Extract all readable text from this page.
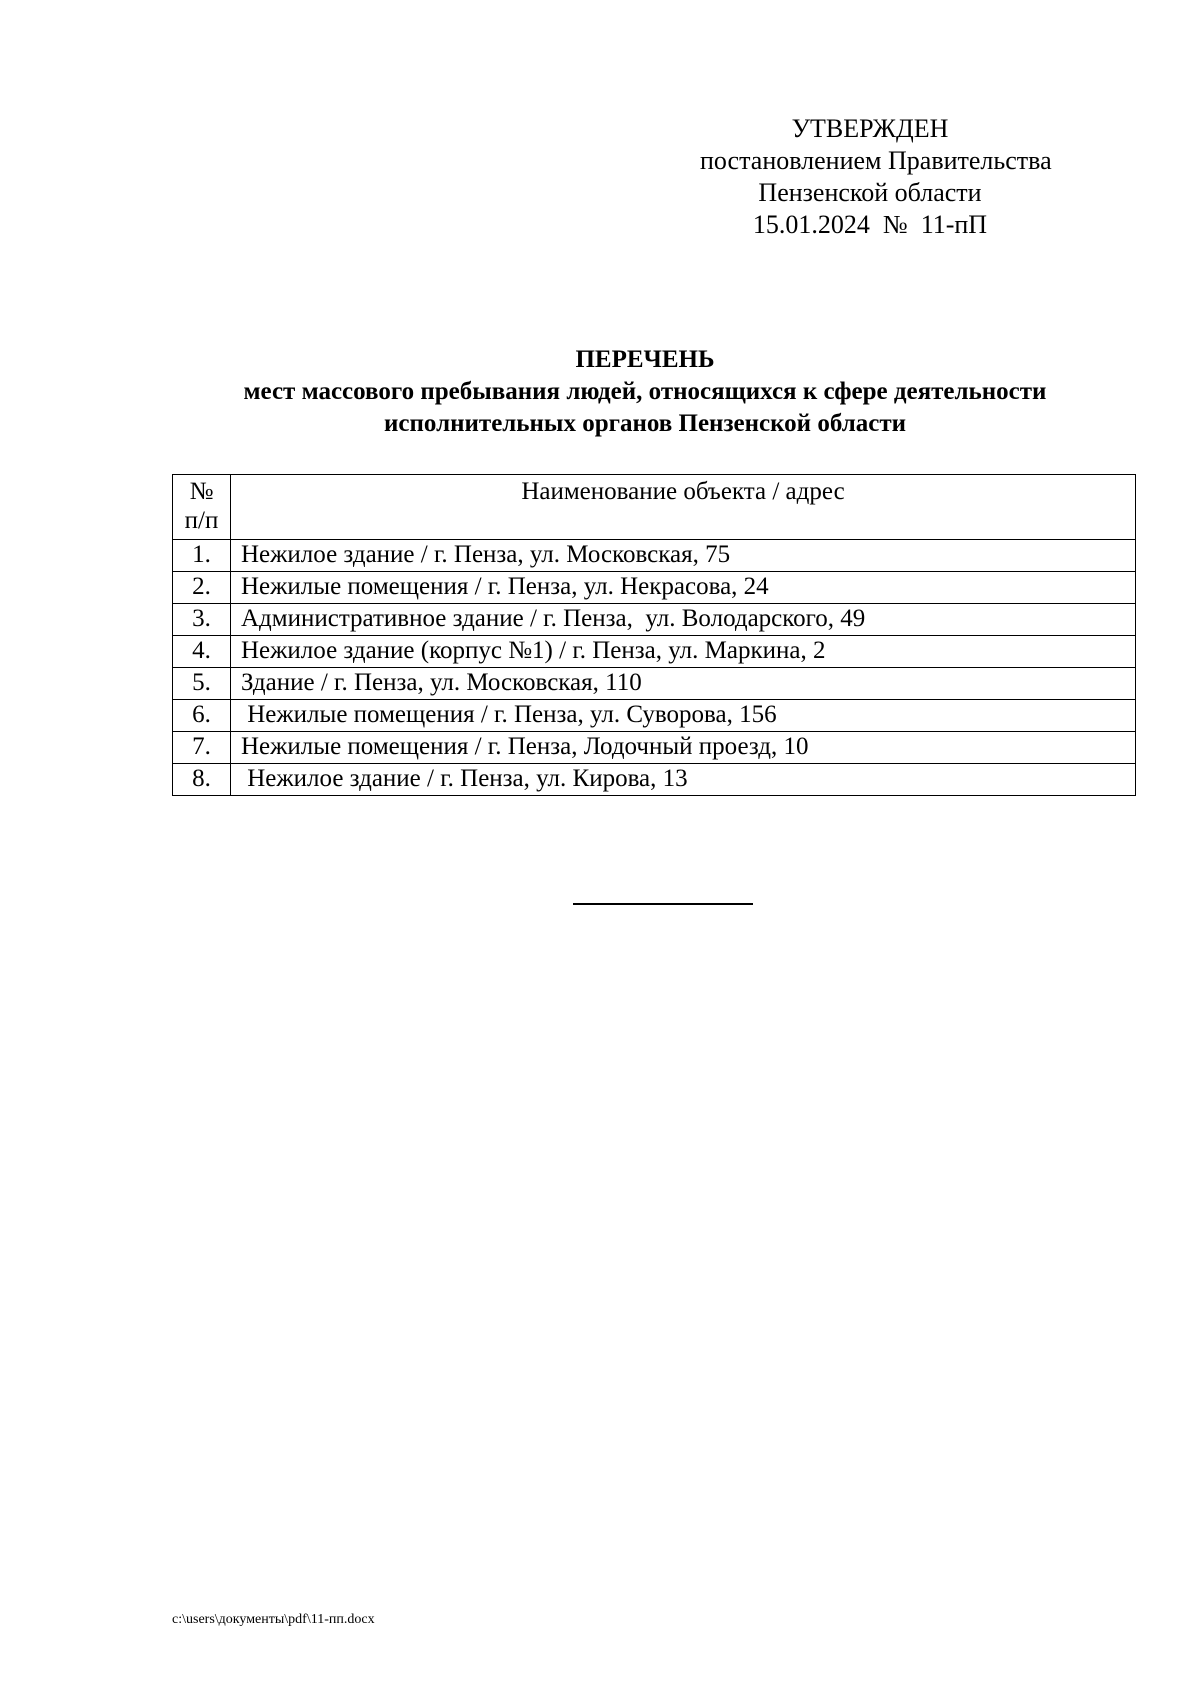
УТВЕРЖДЕН
постановлением Правительства
Пензенской области
15.01.2024  №  11-пП
ПЕРЕЧЕНЬ
мест массового пребывания людей, относящихся к сфере деятельности
исполнительных органов Пензенской области
№
п/п	Наименование объекта / адрес
1.	Нежилое здание / г. Пенза, ул. Московская, 75
2.	Нежилые помещения / г. Пенза, ул. Некрасова, 24
3.	Административное здание / г. Пенза,  ул. Володарского, 49
4.	Нежилое здание (корпус №1) / г. Пенза, ул. Маркина, 2
5.	Здание / г. Пенза, ул. Московская, 110
6.	Нежилые помещения / г. Пенза, ул. Суворова, 156
7.	Нежилые помещения / г. Пенза, Лодочный проезд, 10
8.	Нежилое здание / г. Пенза, ул. Кирова, 13
c:\users\документы\pdf\11-пп.docx
